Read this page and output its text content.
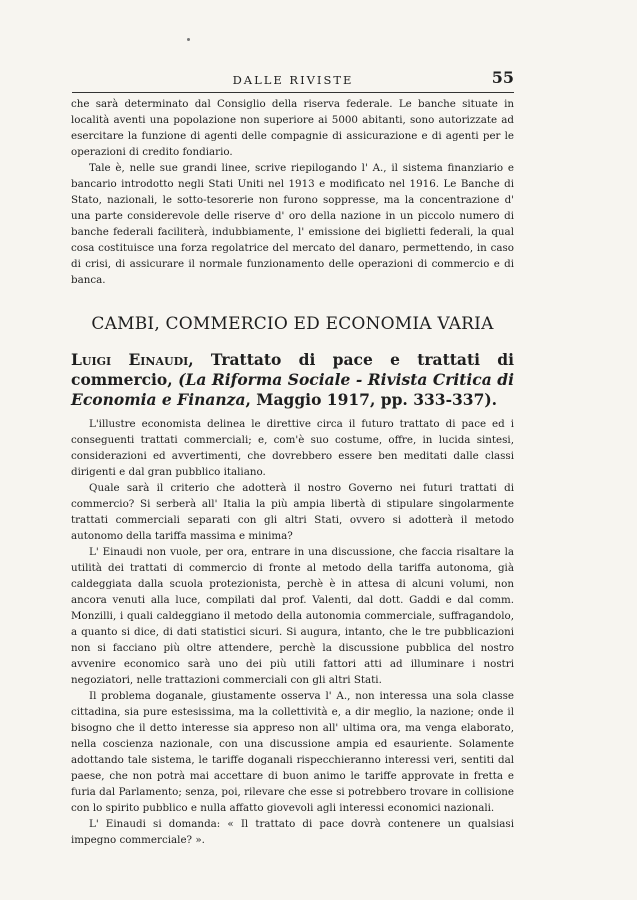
DALLE RIVISTE	55

che sarà determinato dal Consiglio della riserva federale. Le banche situate in località aventi una popolazione non superiore ai 5000 abitanti, sono autorizzate ad esercitare la funzione di agenti delle compagnie di assicurazione e di agenti per le operazioni di credito fondiario.

Tale è, nelle sue grandi linee, scrive riepilogando l' A., il sistema finanziario e bancario introdotto negli Stati Uniti nel 1913 e modificato nel 1916. Le Banche di Stato, nazionali, le sotto-tesorerie non furono soppresse, ma la concentrazione d' una parte considerevole delle riserve d' oro della nazione in un piccolo numero di banche federali faciliterà, indubbiamente, l' emissione dei biglietti federali, la qual cosa costituisce una forza regolatrice del mercato del danaro, permettendo, in caso di crisi, di assicurare il normale funzionamento delle operazioni di commercio e di banca.

CAMBI, COMMERCIO ED ECONOMIA VARIA
Luigi Einaudi, Trattato di pace e trattati di commercio, (La Riforma Sociale - Rivista Critica di Economia e Finanza, Maggio 1917, pp. 333-337).

L'illustre economista delinea le direttive circa il futuro trattato di pace ed i conseguenti trattati commerciali; e, com'è suo costume, offre, in lucida sintesi, considerazioni ed avvertimenti, che dovrebbero essere ben meditati dalle classi dirigenti e dal gran pubblico italiano.

Quale sarà il criterio che adotterà il nostro Governo nei futuri trattati di commercio? Si serberà all' Italia la più ampia libertà di stipulare singolarmente trattati commerciali separati con gli altri Stati, ovvero si adotterà il metodo autonomo della tariffa massima e minima?

L' Einaudi non vuole, per ora, entrare in una discussione, che faccia risaltare la utilità dei trattati di commercio di fronte al metodo della tariffa autonoma, già caldeggiata dalla scuola protezionista, perchè è in attesa di alcuni volumi, non ancora venuti alla luce, compilati dal prof. Valenti, dal dott. Gaddi e dal comm. Monzilli, i quali caldeggiano il metodo della autonomia commerciale, suffragandolo, a quanto si dice, di dati statistici sicuri. Si augura, intanto, che le tre pubblicazioni non si facciano più oltre attendere, perchè la discussione pubblica del nostro avvenire economico sarà uno dei più utili fattori atti ad illuminare i nostri negoziatori, nelle trattazioni commerciali con gli altri Stati.

Il problema doganale, giustamente osserva l' A., non interessa una sola classe cittadina, sia pure estesissima, ma la collettività e, a dir meglio, la nazione; onde il bisogno che il detto interesse sia appreso non all' ultima ora, ma venga elaborato, nella coscienza nazionale, con una discussione ampia ed esauriente. Solamente adottando tale sistema, le tariffe doganali rispecchieranno interessi veri, sentiti dal paese, che non potrà mai accettare di buon animo le tariffe approvate in fretta e furia dal Parlamento; senza, poi, rilevare che esse si potrebbero trovare in collisione con lo spirito pubblico e nulla affatto giovevoli agli interessi economici nazionali.

L' Einaudi si domanda: « Il trattato di pace dovrà contenere un qualsiasi impegno commerciale? ».
